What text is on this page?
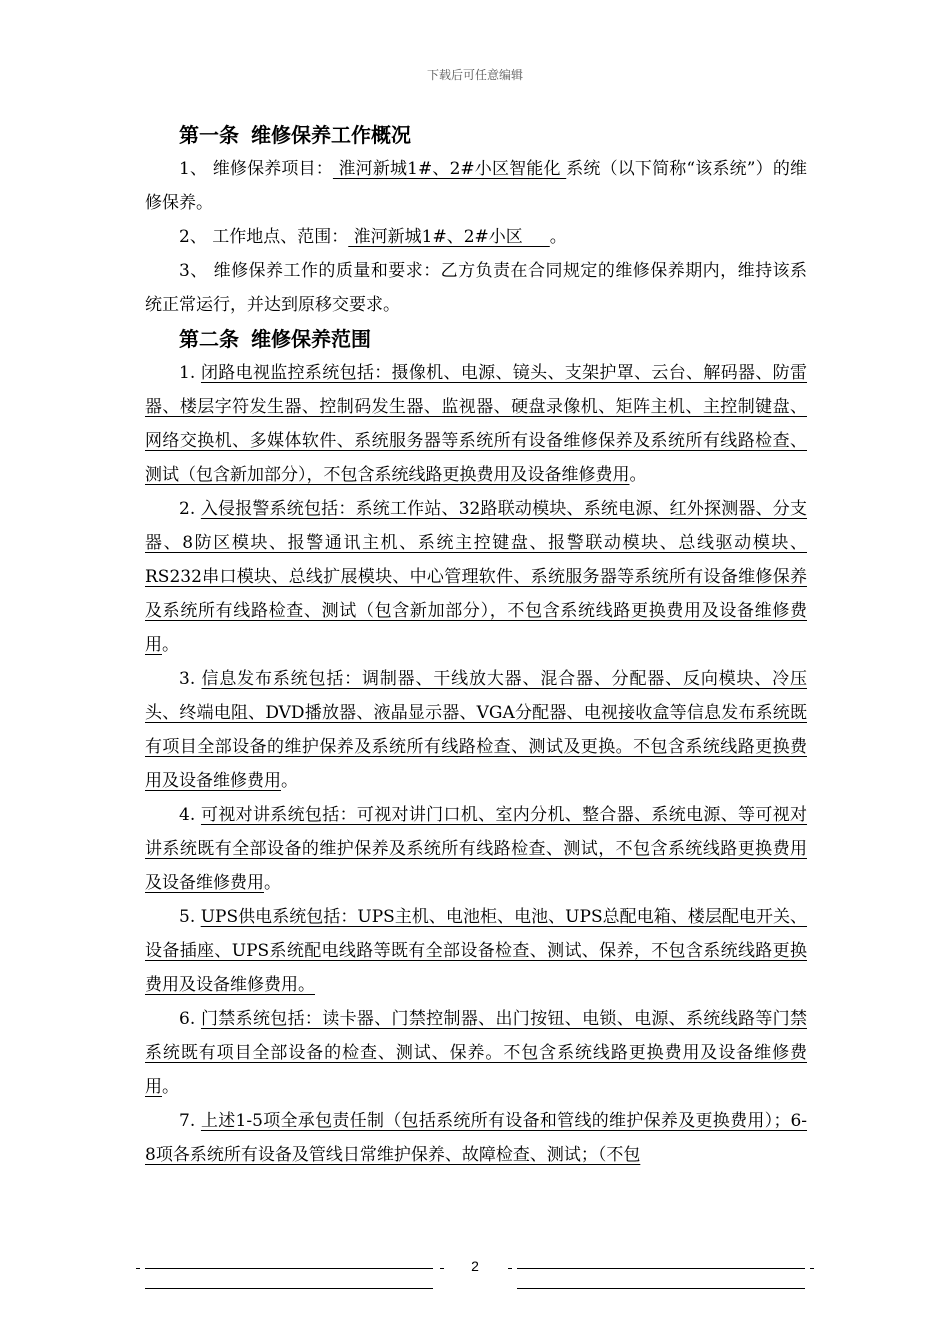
下载后可任意编辑
第一条 维修保养工作概况

1、 维修保养项目： 淮河新城1#、2#小区智能化 系统（以下简称“该系统”）的维修保养。

2、 工作地点、范围： 淮河新城1#、2#小区     。

3、 维修保养工作的质量和要求：乙方负责在合同规定的维修保养期内，维持该系统正常运行，并达到原移交要求。

第二条 维修保养范围

1. 闭路电视监控系统包括：摄像机、电源、镜头、支架护罩、云台、解码器、防雷器、楼层字符发生器、控制码发生器、监视器、硬盘录像机、矩阵主机、主控制键盘、网络交换机、多媒体软件、系统服务器等系统所有设备维修保养及系统所有线路检查、测试（包含新加部分），不包含系统线路更换费用及设备维修费用。

2. 入侵报警系统包括：系统工作站、32路联动模块、系统电源、红外探测器、分支器、8防区模块、报警通讯主机、系统主控键盘、报警联动模块、总线驱动模块、RS232串口模块、总线扩展模块、中心管理软件、系统服务器等系统所有设备维修保养及系统所有线路检查、测试（包含新加部分），不包含系统线路更换费用及设备维修费用。

3. 信息发布系统包括：调制器、干线放大器、混合器、分配器、反向模块、冷压头、终端电阻、DVD播放器、液晶显示器、VGA分配器、电视接收盒等信息发布系统既有项目全部设备的维护保养及系统所有线路检查、测试及更换。不包含系统线路更换费用及设备维修费用。

4. 可视对讲系统包括：可视对讲门口机、室内分机、整合器、系统电源、等可视对讲系统既有全部设备的维护保养及系统所有线路检查、测试，不包含系统线路更换费用及设备维修费用。

5. UPS供电系统包括：UPS主机、电池柜、电池、UPS总配电箱、楼层配电开关、设备插座、UPS系统配电线路等既有全部设备检查、测试、保养，不包含系统线路更换费用及设备维修费用。

6. 门禁系统包括：读卡器、门禁控制器、出门按钮、电锁、电源、系统线路等门禁系统既有项目全部设备的检查、测试、保养。不包含系统线路更换费用及设备维修费用。

7. 上述1-5项全承包责任制（包括系统所有设备和管线的维护保养及更换费用）；6-8项各系统所有设备及管线日常维护保养、故障检查、测试；（不包

2
